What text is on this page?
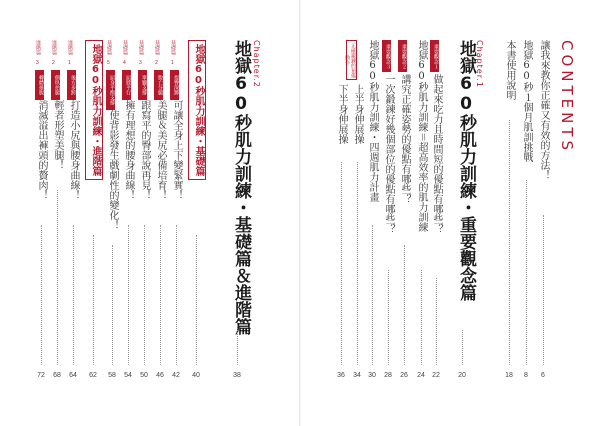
CONTENTS
讓我來教你正確又有效的方法！
6
地獄60秒１個月肌訓挑戰
8
本書使用說明
18
Chapter.1
地獄60秒肌力訓練・重要觀念篇
20
重要觀念１
做起來吃力且時間短的優點有哪些？
22
地獄60秒肌力訓練＝超高效率的肌力訓練
24
重要觀念２
講究正確姿勢的優點有哪些？
26
重要觀念３
一次鍛鍊好幾個部位的優點有哪些？
28
地獄60秒肌力訓練・四週肌力計畫
30
正確鍛鍊的預備動作
上半身伸展操
34
下半身伸展操
36
Chapter.2
地獄60秒肌力訓練・基礎篇＆進階篇
38
地獄60秒肌力訓練・基礎篇
40
基礎篇
1
提臀深蹲
可讓全身上下變緊實！
42
基礎篇
2
脫亡分腿
美腿＆美尻必備培育！
46
基礎篇
3
單腳支撐
跟寫平的臀部說再見！
50
基礎篇
4
屈膝平行
擁有理想的腰身曲線！
54
基礎篇
5
屈身平衡支撐
使背影發生戲劇性的變化！
58
地獄60秒肌力訓練・進階篇
62
進階篇
1
後方步跨
打造小尻與腰身曲線！
64
進階篇
2
側臥抬腿
輕者形塑美腿！
68
進階篇
3
轉體捲腹
消滅溢出褲頭的贅肉！
72
